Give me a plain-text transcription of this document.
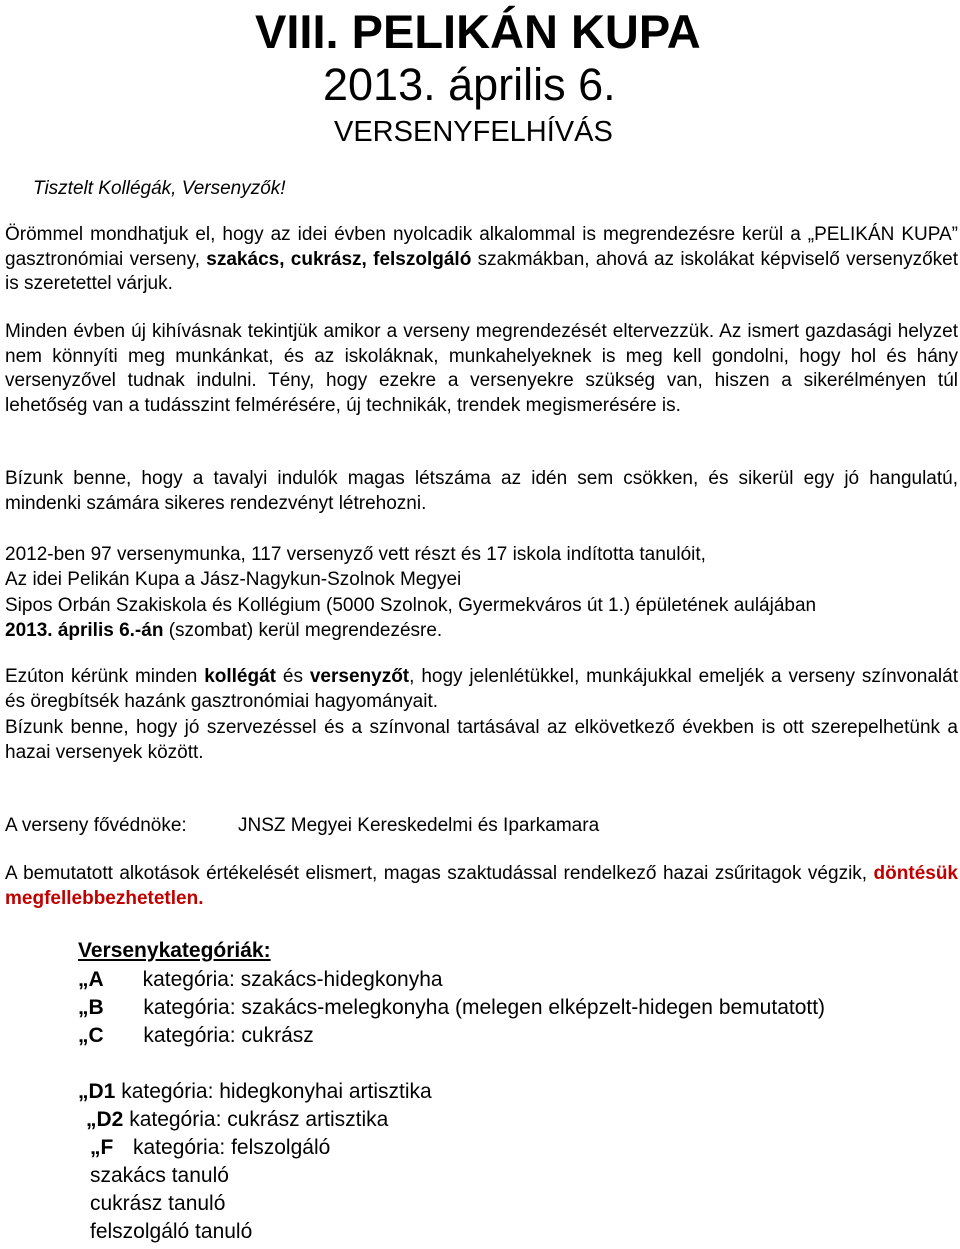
VIII. PELIKÁN KUPA
2013. április 6.
VERSENYFELHÍVÁS
Tisztelt Kollégák, Versenyzők!
Örömmel mondhatjuk el, hogy az idei évben nyolcadik alkalommal is megrendezésre kerül a „PELIKÁN KUPA” gasztronómiai verseny, szakács, cukrász, felszolgáló szakmákban, ahová az iskolákat képviselő versenyzőket is szeretettel várjuk.
Minden évben új kihívásnak tekintjük amikor a verseny megrendezését eltervezzük. Az ismert gazdasági helyzet nem könnyíti meg munkánkat, és az iskoláknak, munkahelyeknek is meg kell gondolni, hogy hol és hány versenyzővel tudnak indulni. Tény, hogy ezekre a versenyekre szükség van, hiszen a sikerélményen túl lehetőség van a tudásszint felmérésére, új technikák, trendek megismerésére is.
Bízunk benne, hogy a tavalyi indulók magas létszáma az idén sem csökken, és sikerül egy jó hangulatú, mindenki számára sikeres rendezvényt létrehozni.
2012-ben 97 versenymunka, 117 versenyző vett részt és 17 iskola indította tanulóit,
Az idei Pelikán Kupa a Jász-Nagykun-Szolnok Megyei
Sipos Orbán Szakiskola és Kollégium (5000 Szolnok, Gyermekváros út 1.) épületének aulájában
2013. április 6.-án (szombat) kerül megrendezésre.
Ezúton kérünk minden kollégát és versenyzőt, hogy jelenlétükkel, munkájukkal emeljék a verseny színvonalát és öregbítsék hazánk gasztronómiai hagyományait.
Bízunk benne, hogy jó szervezéssel és a színvonal tartásával az elkövetkező években is ott szerepelhetünk a hazai versenyek között.
A verseny fővédnöke:	JNSZ Megyei Kereskedelmi és Iparkamara
A bemutatott alkotások értékelését elismert, magas szaktudással rendelkező hazai zsűritagok végzik, döntésük megfellebbezhetetlen.
Versenykategóriák:
„A  kategória: szakács-hidegkonyha
„B  kategória: szakács-melegkonyha (melegen elképzelt-hidegen bemutatott)
„C  kategória: cukrász
„D1 kategória: hidegkonyhai artisztika
„D2 kategória: cukrász artisztika
„F  kategória: felszolgáló
szakács tanuló
cukrász tanuló
felszolgáló tanuló
